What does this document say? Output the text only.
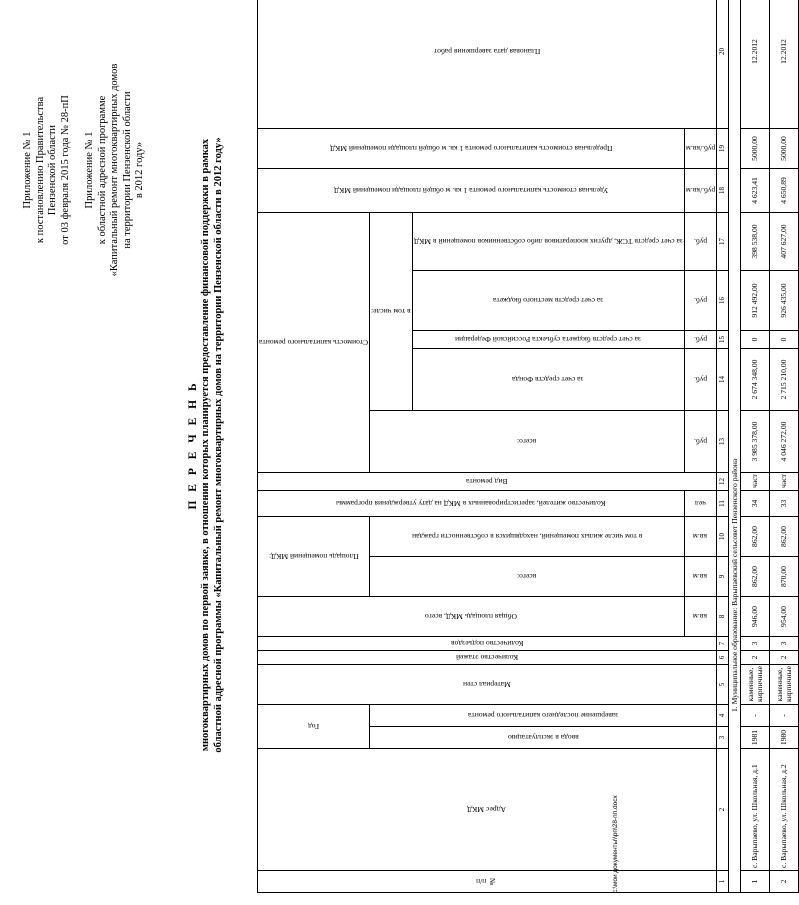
Приложение № 1 к постановлению Правительства Пензенской области от 03 февраля 2015 года № 28-пП Приложение № 1 к областной адресной программе «Капитальный ремонт многоквартирных домов на территории Пензенской области в 2012 году»
П Е Р Е Ч Е Н Ь многоквартирных домов по первой заявке, в отношении которых планируется предоставление финансовой поддержки в рамках областной адресной программы «Капитальный ремонт многоквартирных домов на территории Пензенской области в 2012 году»
№ п/п	Адрес МКД	Год		Материал стен	Количество этажей	Количество подъездов	Общая площадь МКД, всего	Площадь помещений МКД:		Количество жителей, зарегистрированных в МКД на дату утверждения программы	Вид ремонта	Стоимость капитального ремонта					Удельная стоимость капитального ремонта 1 кв. м общей площади помещений МКД	Предельная стоимость капитального ремонта 1 кв. м общей площади помещений МКД	Плановая дата завершения работ

		ввода в эксплуатацию	завершение последнего капитального ремонта					всего:	в том числе жилых помещений, находящихся в собственности граждан			всего:	в том числе:						

													за счет средств Фонда	за счет средств бюджета субъекта Российской Федерации	за счет средств местного бюджета	за счет средств ТСЖ, других кооперативов либо собственников помещений в МКД			

							кв.м	кв.м	кв.м	чел		руб.	руб.	руб.	руб.	руб.	руб./кв.м	руб./кв.м	

1	2	3	4	5	6	7	8	9	10	11	12	13	14	15	16	17	18	19	20
1. Муниципальное образование: Варыпаевский сельсовет Пензенского района																			
1	с. Варыпаево, ул. Школьная, д.1	1981	-	каменные, кирпичные	2	3	946,00	862,00	862,00	34	част	3 985 378,00	2 674 348,00	0	912 492,00	398 538,00	4 623,41	5000,00	12.2012
2	с. Варыпаево, ул. Школьная, д.2	1980	-	каменные, кирпичные	2	3	954,00	870,00	862,00	33	част	4 046 272,00	2 715 210,00	0	926 435,00	407 627,00	4 650,89	5000,00	12.2012
c:\мои документы\\рп\28-пп.docx
